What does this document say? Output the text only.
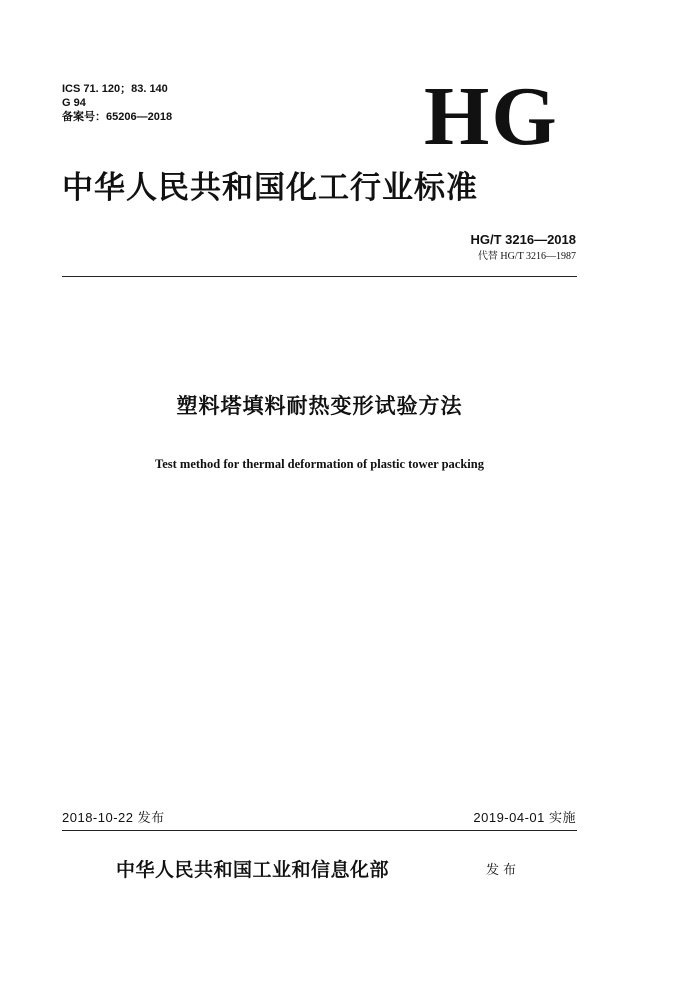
ICS 71. 120；83. 140
G 94
备案号：65206—2018	HG
中华人民共和国化工行业标准
HG/T 3216—2018
代替 HG/T 3216—1987
塑料塔填料耐热变形试验方法
Test method for thermal deformation of plastic tower packing
2018-10-22 发布	2019-04-01 实施
中华人民共和国工业和信息化部	发布
